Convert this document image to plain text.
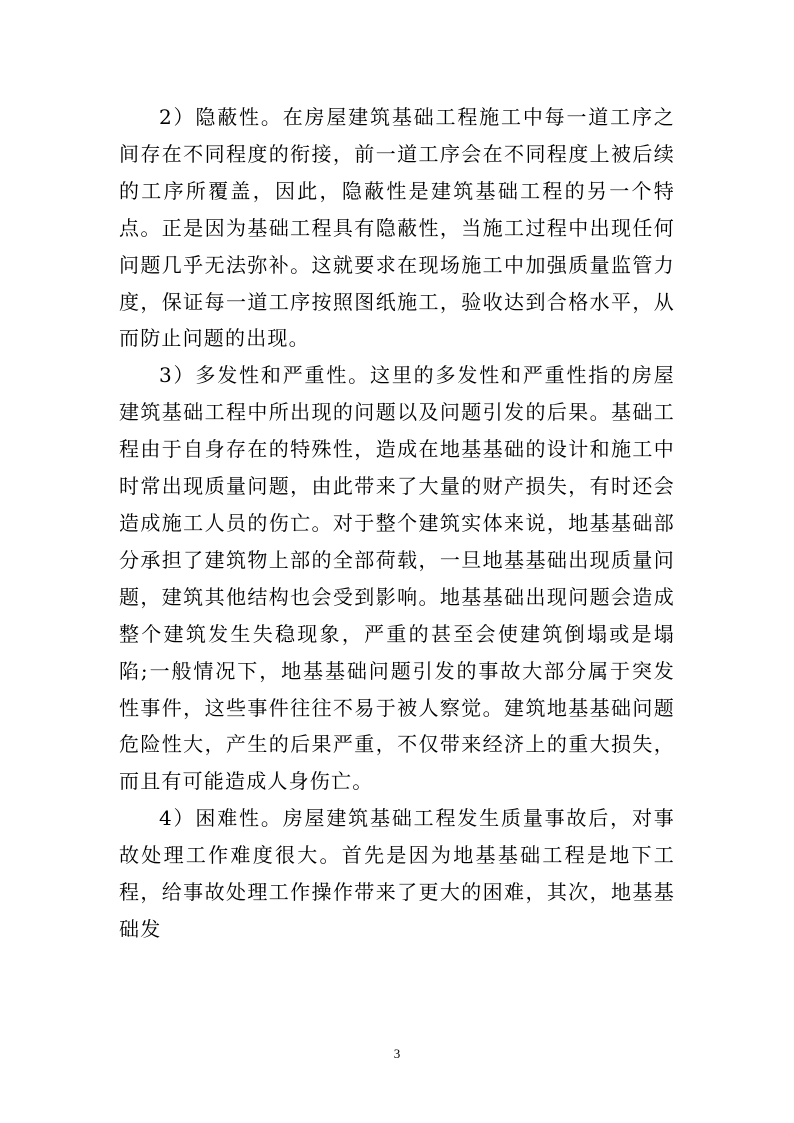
2）隐蔽性。在房屋建筑基础工程施工中每一道工序之间存在不同程度的衔接，前一道工序会在不同程度上被后续的工序所覆盖，因此，隐蔽性是建筑基础工程的另一个特点。正是因为基础工程具有隐蔽性，当施工过程中出现任何问题几乎无法弥补。这就要求在现场施工中加强质量监管力度，保证每一道工序按照图纸施工，验收达到合格水平，从而防止问题的出现。

3）多发性和严重性。这里的多发性和严重性指的房屋建筑基础工程中所出现的问题以及问题引发的后果。基础工程由于自身存在的特殊性，造成在地基基础的设计和施工中时常出现质量问题，由此带来了大量的财产损失，有时还会造成施工人员的伤亡。对于整个建筑实体来说，地基基础部分承担了建筑物上部的全部荷载，一旦地基基础出现质量问题，建筑其他结构也会受到影响。地基基础出现问题会造成整个建筑发生失稳现象，严重的甚至会使建筑倒塌或是塌陷;一般情况下，地基基础问题引发的事故大部分属于突发性事件，这些事件往往不易于被人察觉。建筑地基基础问题危险性大，产生的后果严重，不仅带来经济上的重大损失，而且有可能造成人身伤亡。

4）困难性。房屋建筑基础工程发生质量事故后，对事故处理工作难度很大。首先是因为地基基础工程是地下工程，给事故处理工作操作带来了更大的困难，其次，地基基础发

3
